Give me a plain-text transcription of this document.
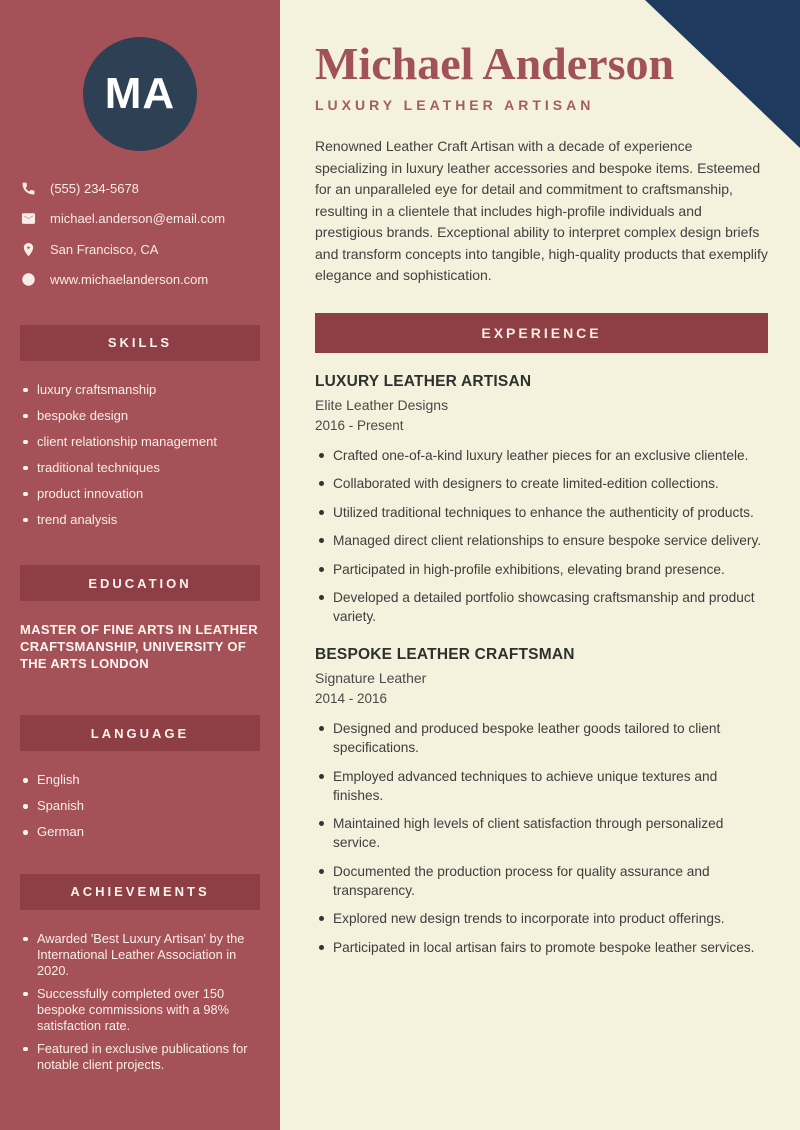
MA
(555) 234-5678
michael.anderson@email.com
San Francisco, CA
www.michaelanderson.com
SKILLS
luxury craftsmanship
bespoke design
client relationship management
traditional techniques
product innovation
trend analysis
EDUCATION

MASTER OF FINE ARTS IN LEATHER CRAFTSMANSHIP, UNIVERSITY OF THE ARTS LONDON

LANGUAGE
English
Spanish
German
ACHIEVEMENTS
Awarded 'Best Luxury Artisan' by the International Leather Association in 2020.
Successfully completed over 150 bespoke commissions with a 98% satisfaction rate.
Featured in exclusive publications for notable client projects.
Michael Anderson
LUXURY LEATHER ARTISAN

Renowned Leather Craft Artisan with a decade of experience specializing in luxury leather accessories and bespoke items. Esteemed for an unparalleled eye for detail and commitment to craftsmanship, resulting in a clientele that includes high-profile individuals and prestigious brands. Exceptional ability to interpret complex design briefs and transform concepts into tangible, high-quality products that exemplify elegance and sophistication.

EXPERIENCE
LUXURY LEATHER ARTISAN
Elite Leather Designs
2016 - Present
Crafted one-of-a-kind luxury leather pieces for an exclusive clientele.
Collaborated with designers to create limited-edition collections.
Utilized traditional techniques to enhance the authenticity of products.
Managed direct client relationships to ensure bespoke service delivery.
Participated in high-profile exhibitions, elevating brand presence.
Developed a detailed portfolio showcasing craftsmanship and product variety.
BESPOKE LEATHER CRAFTSMAN
Signature Leather
2014 - 2016
Designed and produced bespoke leather goods tailored to client specifications.
Employed advanced techniques to achieve unique textures and finishes.
Maintained high levels of client satisfaction through personalized service.
Documented the production process for quality assurance and transparency.
Explored new design trends to incorporate into product offerings.
Participated in local artisan fairs to promote bespoke leather services.
